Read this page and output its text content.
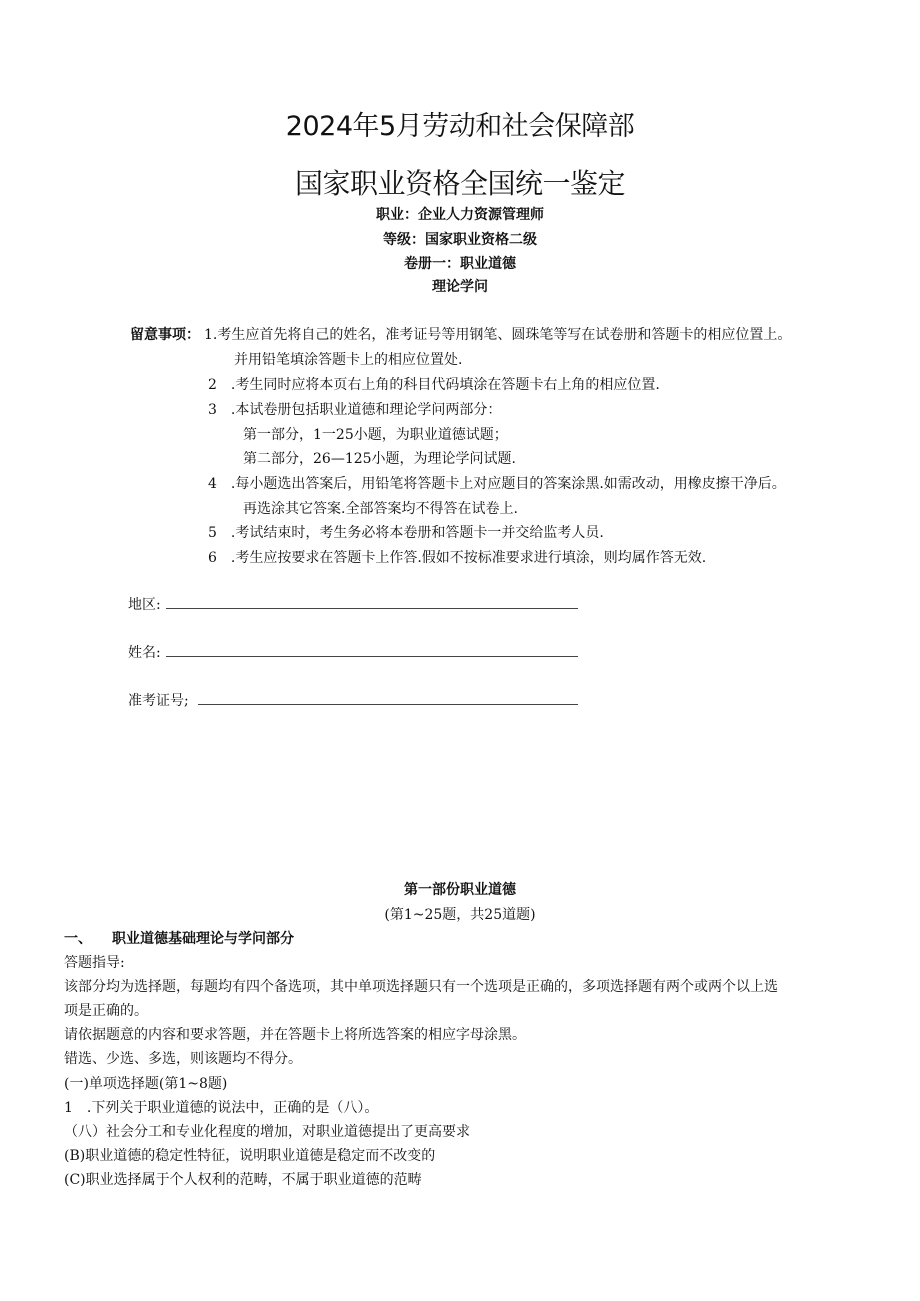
2024年5月劳动和社会保障部
国家职业资格全国统一鉴定
职业：企业人力资源管理师
等级：国家职业资格二级
卷册一：职业道德
理论学问
留意事项： 1.考生应首先将自己的姓名，准考证号等用钢笔、圆珠笔等写在试卷册和答题卡的相应位置上。
并用铅笔填涂答题卡上的相应位置处.
2　.考生同时应将本页右上角的科目代码填涂在答题卡右上角的相应位置.
3　.本试卷册包括职业道德和理论学问两部分：
第一部分，1一25小题，为职业道德试题；
第二部分，26—125小题，为理论学问试题.
4　.每小题选出答案后，用铅笔将答题卡上对应题目的答案涂黑.如需改动，用橡皮擦干净后。
再选涂其它答案.全部答案均不得答在试卷上.
5　.考试结束时，考生务必将本卷册和答题卡一并交给监考人员.
6　.考生应按要求在答题卡上作答.假如不按标准要求进行填涂，则均属作答无效.
地区:
姓名:
准考证号;
第一部份职业道德
(第1~25题，共25道题)
一、 职业道德基础理论与学问部分
答题指导:
该部分均为选择题，每题均有四个备选项，其中单项选择题只有一个选项是正确的，多项选择题有两个或两个以上选
项是正确的。
请依据题意的内容和要求答题，并在答题卡上将所选答案的相应字母涂黑。
错选、少选、多选，则该题均不得分。
(一)单项选择题(第1~8题)
1　.下列关于职业道德的说法中，正确的是（八）。
（八）社会分工和专业化程度的增加，对职业道德提出了更高要求
(B)职业道德的稳定性特征，说明职业道德是稳定而不改变的
(C)职业选择属于个人权利的范畴，不属于职业道德的范畴
